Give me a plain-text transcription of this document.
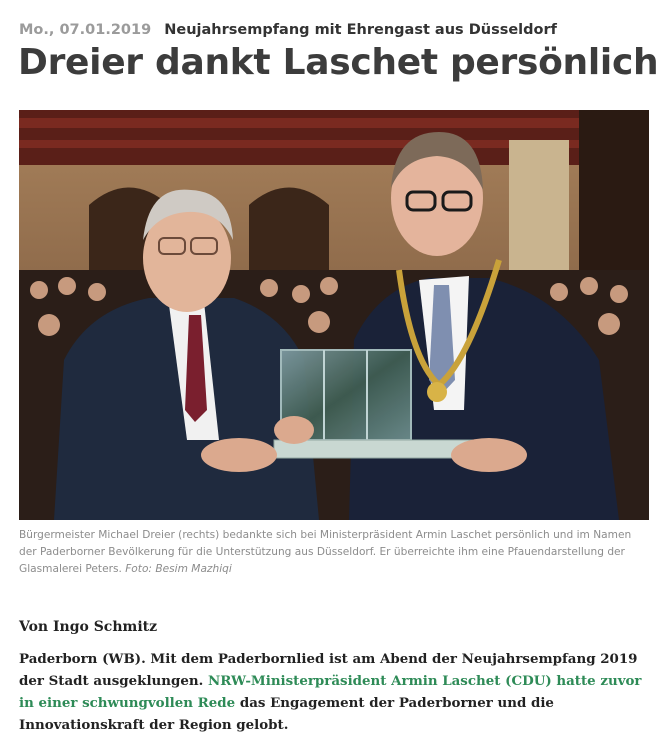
Mo., 07.01.2019 Neujahrsempfang mit Ehrengast aus Düsseldorf
Dreier dankt Laschet persönlich

Bürgermeister Michael Dreier (rechts) bedankte sich bei Ministerpräsident Armin Laschet persönlich und im Namen der Paderborner Bevölkerung für die Unterstützung aus Düsseldorf. Er überreichte ihm eine Pfauendarstellung der Glasmalerei Peters. Foto: Besim Mazhiqi

Von Ingo Schmitz

Paderborn (WB). Mit dem Paderbornlied ist am Abend der Neujahrsempfang 2019 der Stadt ausgeklungen. NRW-Ministerpräsident Armin Laschet (CDU) hatte zuvor in einer schwungvollen Rede das Engagement der Paderborner und die Innovationskraft der Region gelobt.
